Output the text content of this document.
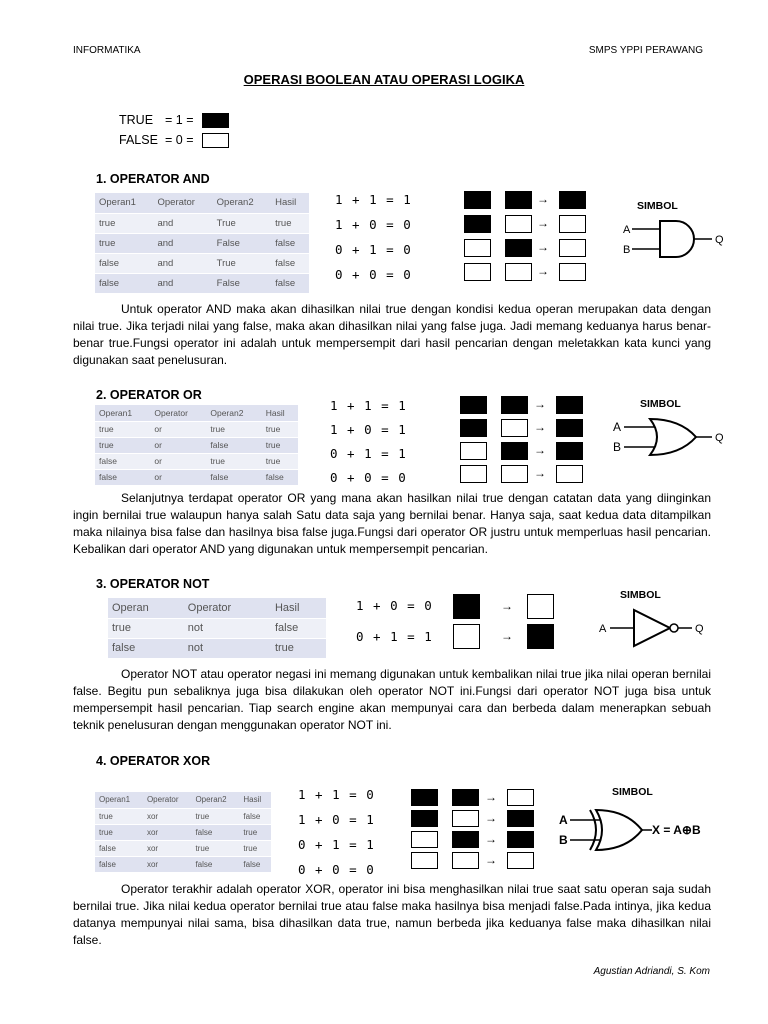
INFORMATIKA	SMPS YPPI PERAWANG
OPERASI BOOLEAN ATAU OPERASI LOGIKA
TRUE = 1 =
FALSE = 0 =
1. OPERATOR AND
Operan1	Operator	Operan2	Hasil
true	and	True	true
true	and	False	false
false	and	True	false
false	and	False	false
1 + 1 = 1
1 + 0 = 0
0 + 1 = 0
0 + 0 = 0
→
→
→
→
SIMBOL
A
B
Q
Untuk operator AND maka akan dihasilkan nilai true dengan kondisi kedua operan merupakan data dengan nilai true. Jika terjadi nilai yang false, maka akan dihasilkan nilai yang false juga. Jadi memang keduanya harus benar-benar true.Fungsi operator ini adalah untuk mempersempit dari hasil pencarian dengan meletakkan kata kunci yang digunakan saat penelusuran.
2. OPERATOR OR
Operan1	Operator	Operan2	Hasil
true	or	true	true
true	or	false	true
false	or	true	true
false	or	false	false
1 + 1 = 1
1 + 0 = 1
0 + 1 = 1
0 + 0 = 0
→
→
→
→
SIMBOL
A
B
Q
Selanjutnya terdapat operator OR yang mana akan hasilkan nilai true dengan catatan data yang diinginkan ingin bernilai true walaupun hanya salah Satu data saja yang bernilai benar. Hanya saja, saat kedua data ditampilkan maka nilainya bisa false dan hasilnya bisa false juga.Fungsi dari operator OR justru untuk memperluas hasil pencarian. Kebalikan dari operator AND yang digunakan untuk mempersempit pencarian.
3. OPERATOR NOT
Operan	Operator	Hasil
true	not	false
false	not	true
1 + 0 = 0
0 + 1 = 1
→
→
SIMBOL
A	Q
Operator NOT atau operator negasi ini memang digunakan untuk kembalikan nilai true jika nilai operan bernilai false. Begitu pun sebaliknya juga bisa dilakukan oleh operator NOT ini.Fungsi dari operator NOT juga bisa untuk mempersempit hasil pencarian. Tiap search engine akan mempunyai cara dan berbeda dalam menerapkan sebuah teknik penelusuran dengan menggunakan operator NOT ini.
4. OPERATOR XOR
Operan1	Operator	Operan2	Hasil
true	xor	true	false
true	xor	false	true
false	xor	true	true
false	xor	false	false
1 + 1 = 0
1 + 0 = 1
0 + 1 = 1
0 + 0 = 0
→
→
→
→
SIMBOL
A
B
X = A⊕B
Operator terakhir adalah operator XOR, operator ini bisa menghasilkan nilai true saat satu operan saja sudah bernilai true. Jika nilai kedua operator bernilai true atau false maka hasilnya bisa menjadi false.Pada intinya, jika kedua datanya mempunyai nilai sama, bisa dihasilkan data true, namun berbeda jika keduanya false maka dihasilkan nilai false.
Agustian Adriandi, S. Kom
